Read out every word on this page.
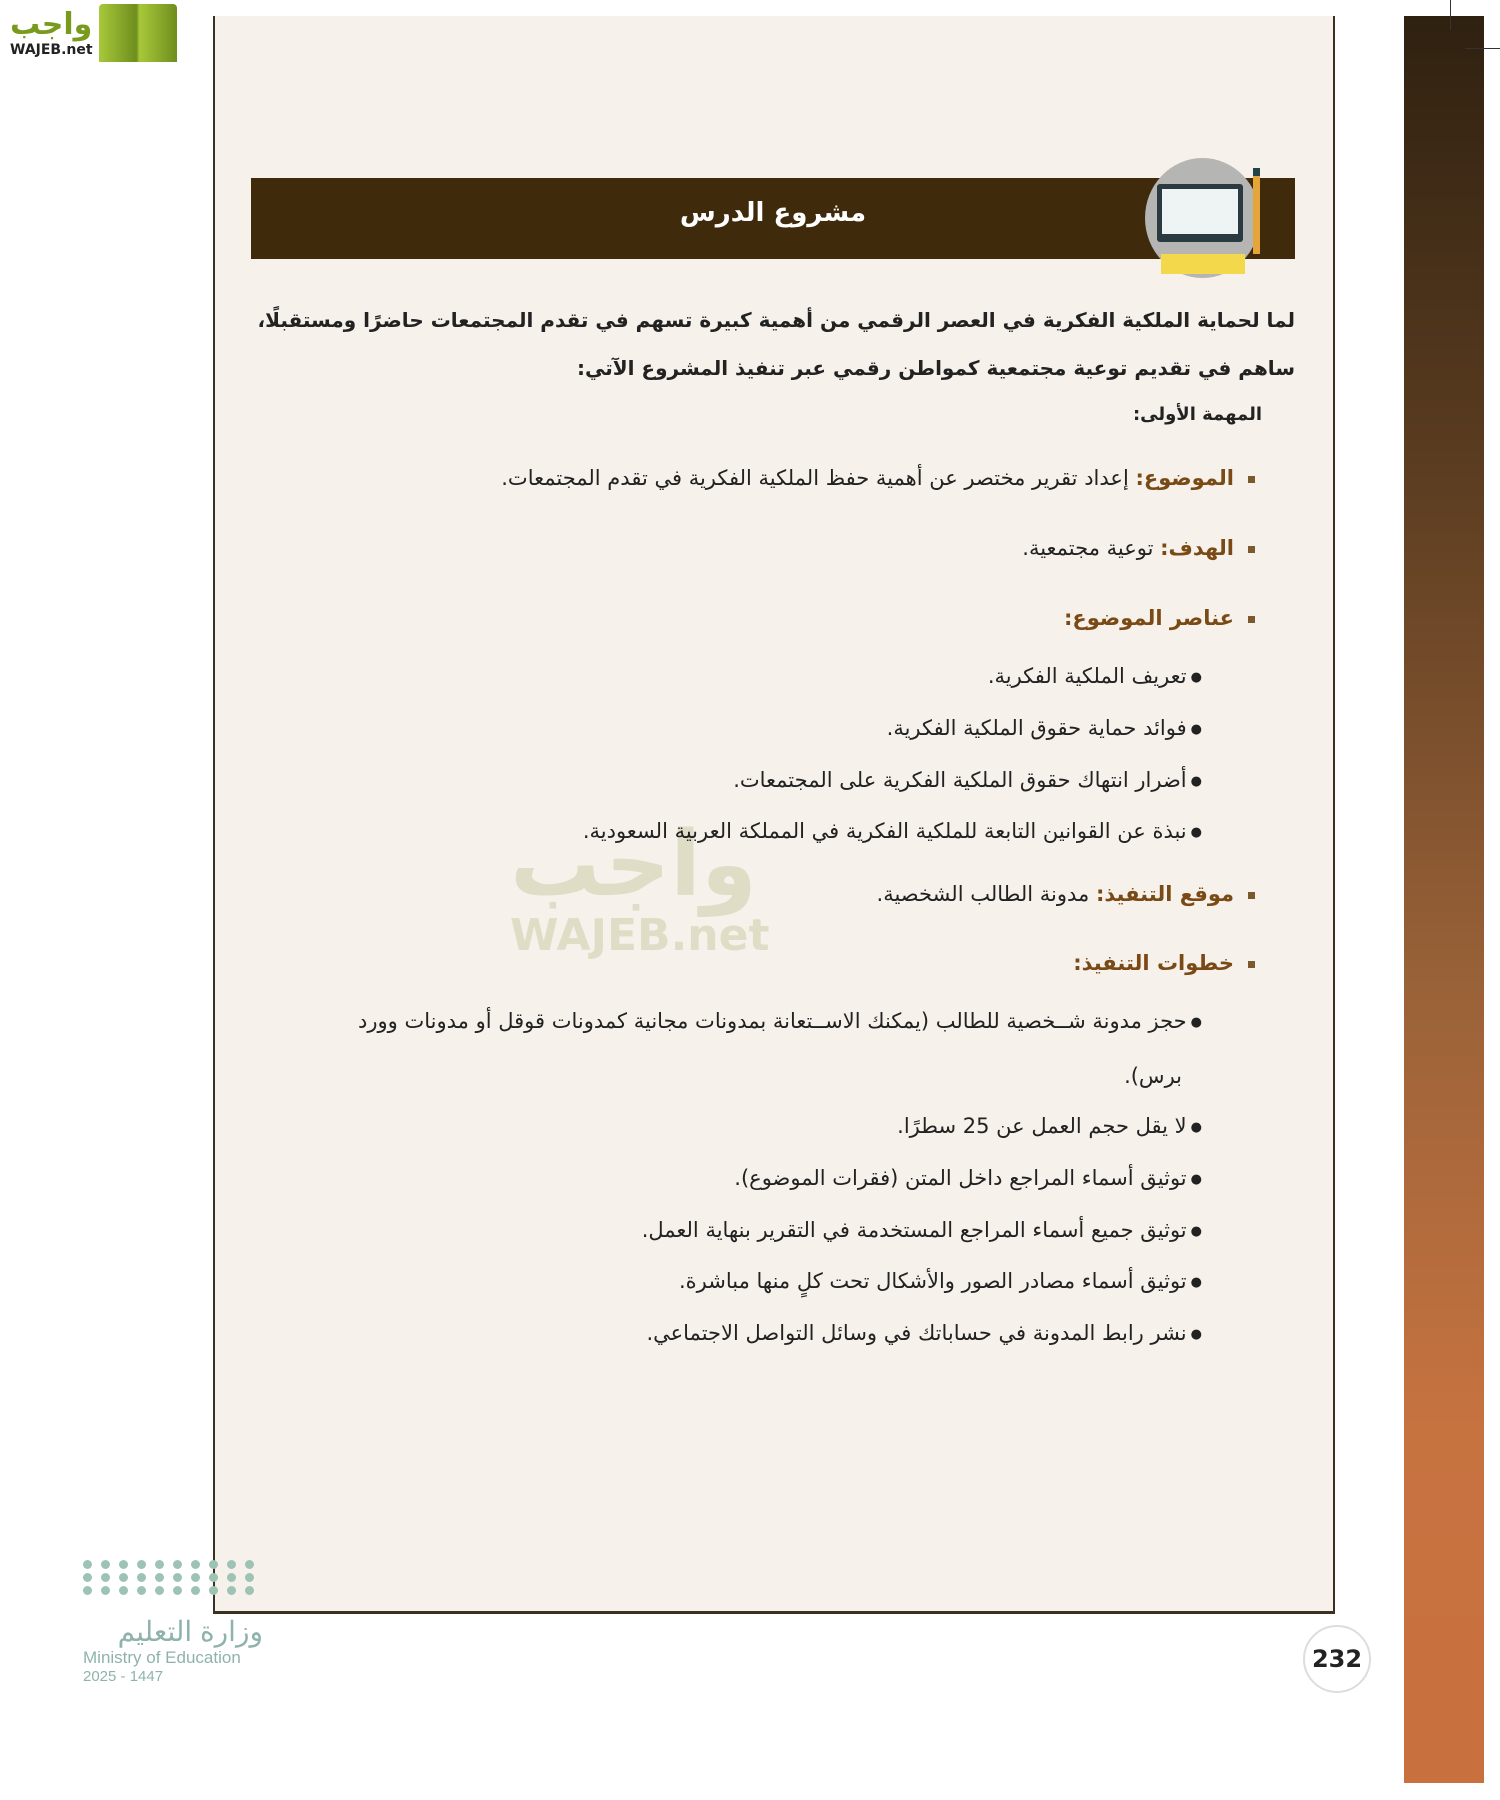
واجب
WAJEB.net
مشروع الدرس
واجب
WAJEB.net
لما لحماية الملكية الفكرية في العصر الرقمي من أهمية كبيرة تسهم في تقدم المجتمعات حاضرًا ومستقبلًا،
ساهم في تقديم توعية مجتمعية كمواطن رقمي عبر تنفيذ المشروع الآتي:
المهمة الأولى:
الموضوع: إعداد تقرير مختصر عن أهمية حفظ الملكية الفكرية في تقدم المجتمعات.
الهدف: توعية مجتمعية.
عناصر الموضوع:
● تعريف الملكية الفكرية.
● فوائد حماية حقوق الملكية الفكرية.
● أضرار انتهاك حقوق الملكية الفكرية على المجتمعات.
● نبذة عن القوانين التابعة للملكية الفكرية في المملكة العربية السعودية.
موقع التنفيذ: مدونة الطالب الشخصية.
خطوات التنفيذ:
● حجز مدونة شــخصية للطالب (يمكنك الاســتعانة بمدونات مجانية كمدونات قوقل أو مدونات وورد
برس).
● لا يقل حجم العمل عن 25 سطرًا.
● توثيق أسماء المراجع داخل المتن (فقرات الموضوع).
● توثيق جميع أسماء المراجع المستخدمة في التقرير بنهاية العمل.
● توثيق أسماء مصادر الصور والأشكال تحت كلٍ منها مباشرة.
● نشر رابط المدونة في حساباتك في وسائل التواصل الاجتماعي.
232
وزارة التعليم
Ministry of Education
2025 - 1447
